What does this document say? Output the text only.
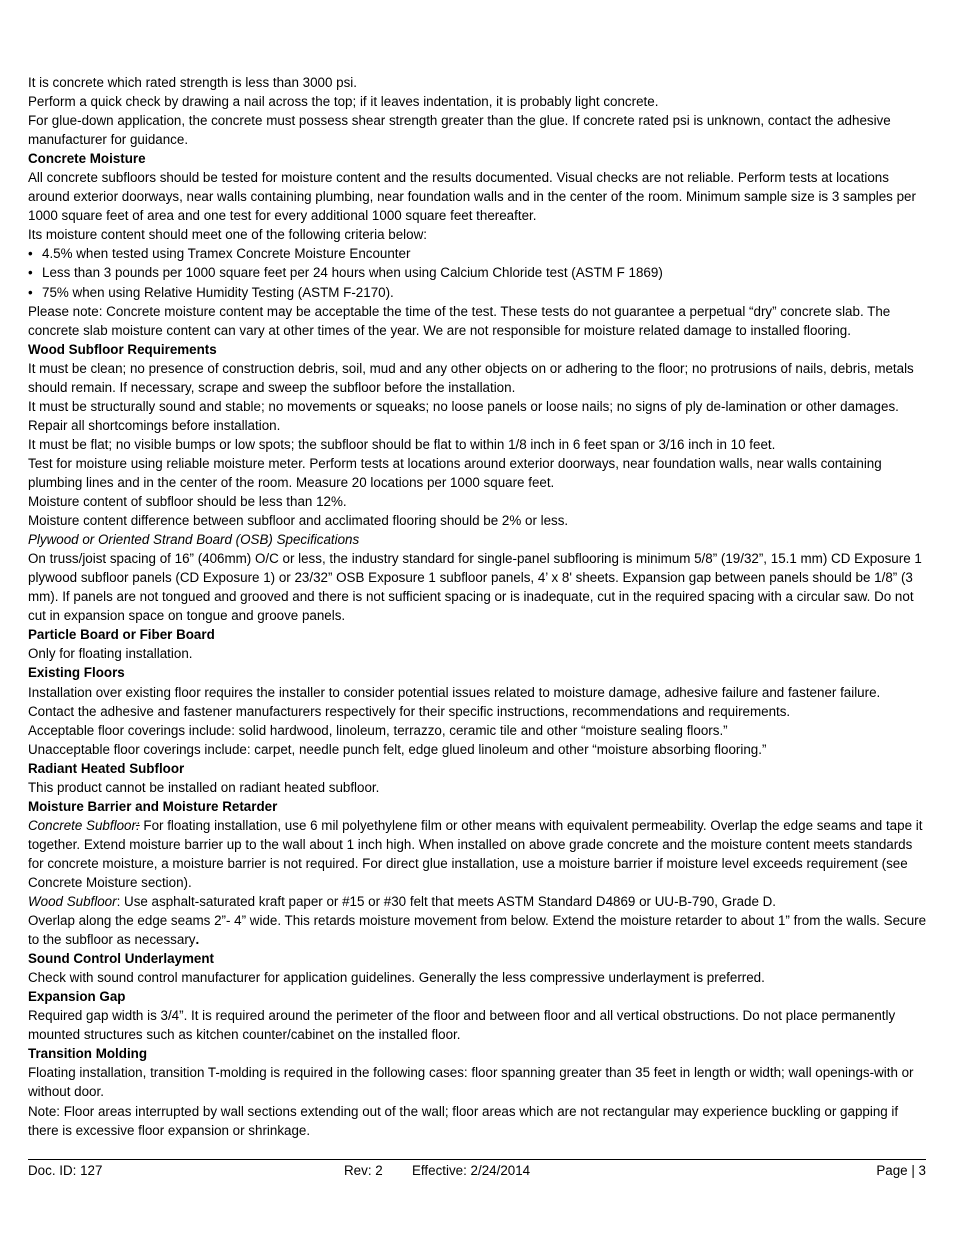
It is concrete which rated strength is less than 3000 psi.

Perform a quick check by drawing a nail across the top; if it leaves indentation, it is probably light concrete.

For glue-down application, the concrete must possess shear strength greater than the glue. If concrete rated psi is unknown, contact the adhesive manufacturer for guidance.

Concrete Moisture

All concrete subfloors should be tested for moisture content and the results documented. Visual checks are not reliable. Perform tests at locations around exterior doorways, near walls containing plumbing, near foundation walls and in the center of the room. Minimum sample size is 3 samples per 1000 square feet of area and one test for every additional 1000 square feet thereafter.

Its moisture content should meet one of the following criteria below:

• 4.5% when tested using Tramex Concrete Moisture Encounter
• Less than 3 pounds per 1000 square feet per 24 hours when using Calcium Chloride test (ASTM F 1869)
• 75% when using Relative Humidity Testing (ASTM F-2170).

Please note: Concrete moisture content may be acceptable the time of the test. These tests do not guarantee a perpetual “dry” concrete slab. The concrete slab moisture content can vary at other times of the year. We are not responsible for moisture related damage to installed flooring.

Wood Subfloor Requirements

It must be clean; no presence of construction debris, soil, mud and any other objects on or adhering to the floor; no protrusions of nails, debris, metals should remain. If necessary, scrape and sweep the subfloor before the installation.

It must be structurally sound and stable; no movements or squeaks; no loose panels or loose nails; no signs of ply de-lamination or other damages. Repair all shortcomings before installation.

It must be flat; no visible bumps or low spots; the subfloor should be flat to within 1/8 inch in 6 feet span or 3/16 inch in 10 feet.

Test for moisture using reliable moisture meter. Perform tests at locations around exterior doorways, near foundation walls, near walls containing plumbing lines and in the center of the room. Measure 20 locations per 1000 square feet.

Moisture content of subfloor should be less than 12%.

Moisture content difference between subfloor and acclimated flooring should be 2% or less.

Plywood or Oriented Strand Board (OSB) Specifications

On truss/joist spacing of 16” (406mm) O/C or less, the industry standard for single-panel subflooring is minimum 5/8” (19/32”, 15.1 mm) CD Exposure 1 plywood subfloor panels (CD Exposure 1) or 23/32” OSB Exposure 1 subfloor panels, 4’ x 8' sheets. Expansion gap between panels should be 1/8” (3 mm). If panels are not tongued and grooved and there is not sufficient spacing or is inadequate, cut in the required spacing with a circular saw. Do not cut in expansion space on tongue and groove panels.

Particle Board or Fiber Board

Only for floating installation.

Existing Floors

Installation over existing floor requires the installer to consider potential issues related to moisture damage, adhesive failure and fastener failure. Contact the adhesive and fastener manufacturers respectively for their specific instructions, recommendations and requirements.

Acceptable floor coverings include: solid hardwood, linoleum, terrazzo, ceramic tile and other “moisture sealing floors.”

Unacceptable floor coverings include: carpet, needle punch felt, edge glued linoleum and other “moisture absorbing flooring.”

Radiant Heated Subfloor

This product cannot be installed on radiant heated subfloor.

Moisture Barrier and Moisture Retarder

Concrete Subfloor: For floating installation, use 6 mil polyethylene film or other means with equivalent permeability. Overlap the edge seams and tape it together. Extend moisture barrier up to the wall about 1 inch high. When installed on above grade concrete and the moisture content meets standards for concrete moisture, a moisture barrier is not required. For direct glue installation, use a moisture barrier if moisture level exceeds requirement (see Concrete Moisture section).

Wood Subfloor: Use asphalt-saturated kraft paper or #15 or #30 felt that meets ASTM Standard D4869 or UU-B-790, Grade D.

Overlap along the edge seams 2”- 4” wide. This retards moisture movement from below. Extend the moisture retarder to about 1” from the walls. Secure to the subfloor as necessary.

Sound Control Underlayment

Check with sound control manufacturer for application guidelines. Generally the less compressive underlayment is preferred.

Expansion Gap

Required gap width is 3/4”. It is required around the perimeter of the floor and between floor and all vertical obstructions. Do not place permanently mounted structures such as kitchen counter/cabinet on the installed floor.

Transition Molding

Floating installation, transition T-molding is required in the following cases: floor spanning greater than 35 feet in length or width; wall openings-with or without door.

Note: Floor areas interrupted by wall sections extending out of the wall; floor areas which are not rectangular may experience buckling or gapping if there is excessive floor expansion or shrinkage.

Doc. ID: 127	Rev: 2 Effective: 2/24/2014	Page | 3
